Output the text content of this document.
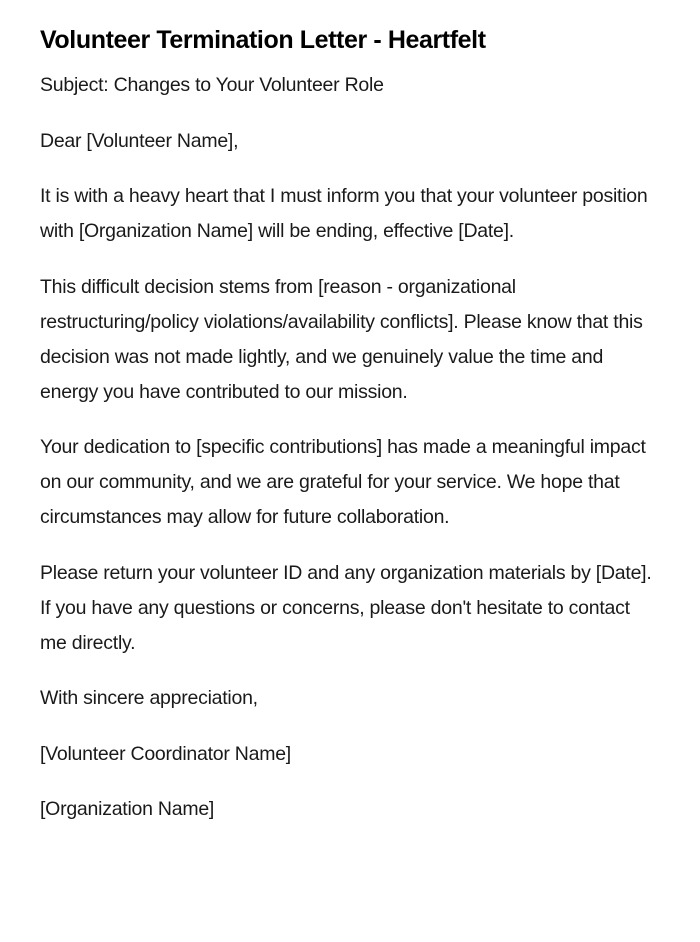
Volunteer Termination Letter - Heartfelt

Subject: Changes to Your Volunteer Role

Dear [Volunteer Name],

It is with a heavy heart that I must inform you that your volunteer position with [Organization Name] will be ending, effective [Date].

This difficult decision stems from [reason - organizational restructuring/policy violations/availability conflicts]. Please know that this decision was not made lightly, and we genuinely value the time and energy you have contributed to our mission.

Your dedication to [specific contributions] has made a meaningful impact on our community, and we are grateful for your service. We hope that circumstances may allow for future collaboration.

Please return your volunteer ID and any organization materials by [Date]. If you have any questions or concerns, please don't hesitate to contact me directly.

With sincere appreciation,

[Volunteer Coordinator Name]

[Organization Name]
